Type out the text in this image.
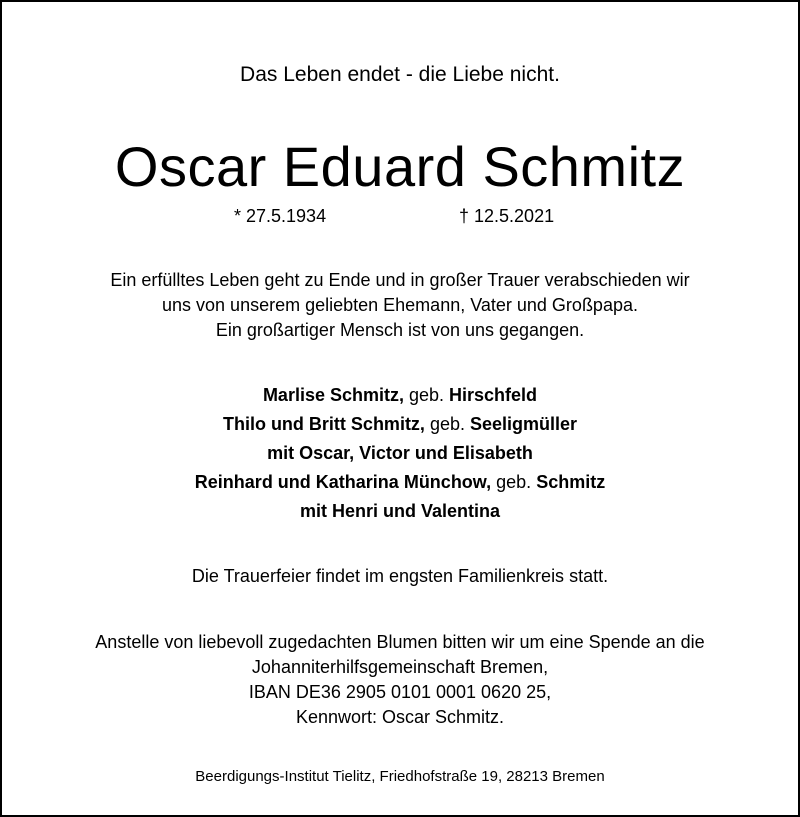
Das Leben endet - die Liebe nicht.
Oscar Eduard Schmitz
* 27.5.1934	† 12.5.2021
Ein erfülltes Leben geht zu Ende und in großer Trauer verabschieden wir
uns von unserem geliebten Ehemann, Vater und Großpapa.
Ein großartiger Mensch ist von uns gegangen.
Marlise Schmitz, geb. Hirschfeld
Thilo und Britt Schmitz, geb. Seeligmüller
mit Oscar, Victor und Elisabeth
Reinhard und Katharina Münchow, geb. Schmitz
mit Henri und Valentina
Die Trauerfeier findet im engsten Familienkreis statt.
Anstelle von liebevoll zugedachten Blumen bitten wir um eine Spende an die
Johanniterhilfsgemeinschaft Bremen,
IBAN DE36 2905 0101 0001 0620 25,
Kennwort: Oscar Schmitz.
Beerdigungs-Institut Tielitz, Friedhofstraße 19, 28213 Bremen
